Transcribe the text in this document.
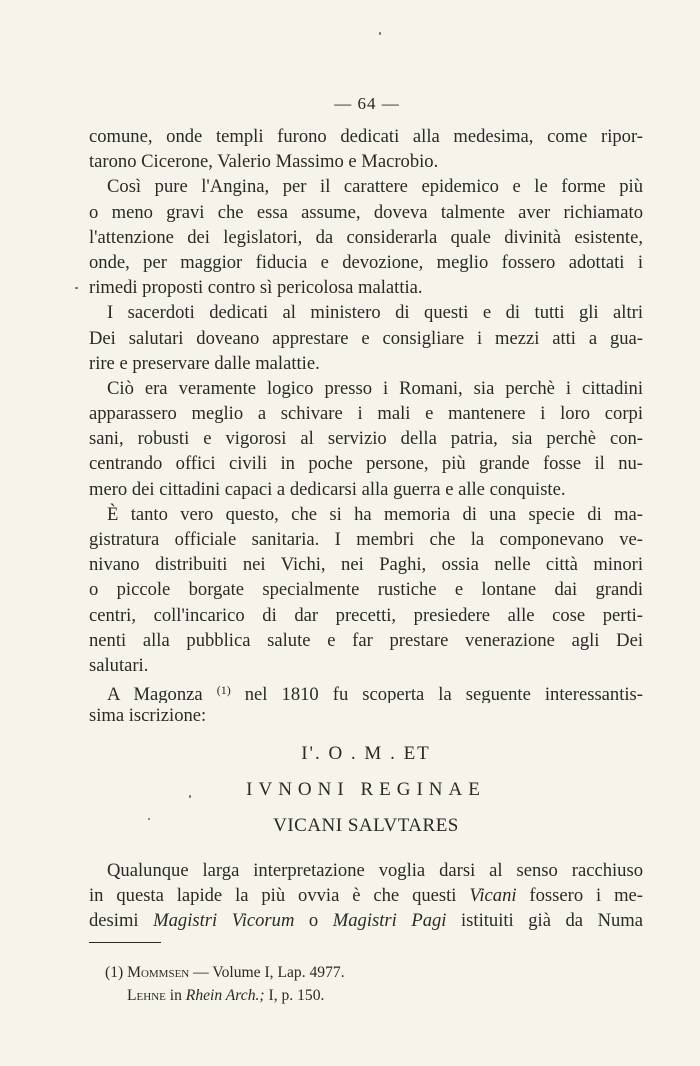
— 64 —
comune, onde templi furono dedicati alla medesima, come ripor-
tarono Cicerone, Valerio Massimo e Macrobio.
Così pure l'Angina, per il carattere epidemico e le forme più
o meno gravi che essa assume, doveva talmente aver richiamato
l'attenzione dei legislatori, da considerarla quale divinità esistente,
onde, per maggior fiducia e devozione, meglio fossero adottati i
rimedi proposti contro sì pericolosa malattia.
I sacerdoti dedicati al ministero di questi e di tutti gli altri
Dei salutari doveano apprestare e consigliare i mezzi atti a gua-
rire e preservare dalle malattie.
Ciò era veramente logico presso i Romani, sia perchè i cittadini
apparassero meglio a schivare i mali e mantenere i loro corpi
sani, robusti e vigorosi al servizio della patria, sia perchè con-
centrando offici civili in poche persone, più grande fosse il nu-
mero dei cittadini capaci a dedicarsi alla guerra e alle conquiste.
È tanto vero questo, che si ha memoria di una specie di ma-
gistratura officiale sanitaria. I membri che la componevano ve-
nivano distribuiti nei Vichi, nei Paghi, ossia nelle città minori
o piccole borgate specialmente rustiche e lontane dai grandi
centri, coll'incarico di dar precetti, presiedere alle cose perti-
nenti alla pubblica salute e far prestare venerazione agli Dei
salutari.
A Magonza $^{(1)}$ nel 1810 fu scoperta la seguente interessantis-
sima iscrizione:
I'. O . M . ET
IVNONI REGINAE
VICANI SALVTARES
Qualunque larga interpretazione voglia darsi al senso racchiuso
in questa lapide la più ovvia è che questi Vicani fossero i me-
desimi Magistri Vicorum o Magistri Pagi istituiti già da Numa
(1) Mommsen — Volume I, Lap. 4977.
Lehne in Rhein Arch.; I, p. 150.
